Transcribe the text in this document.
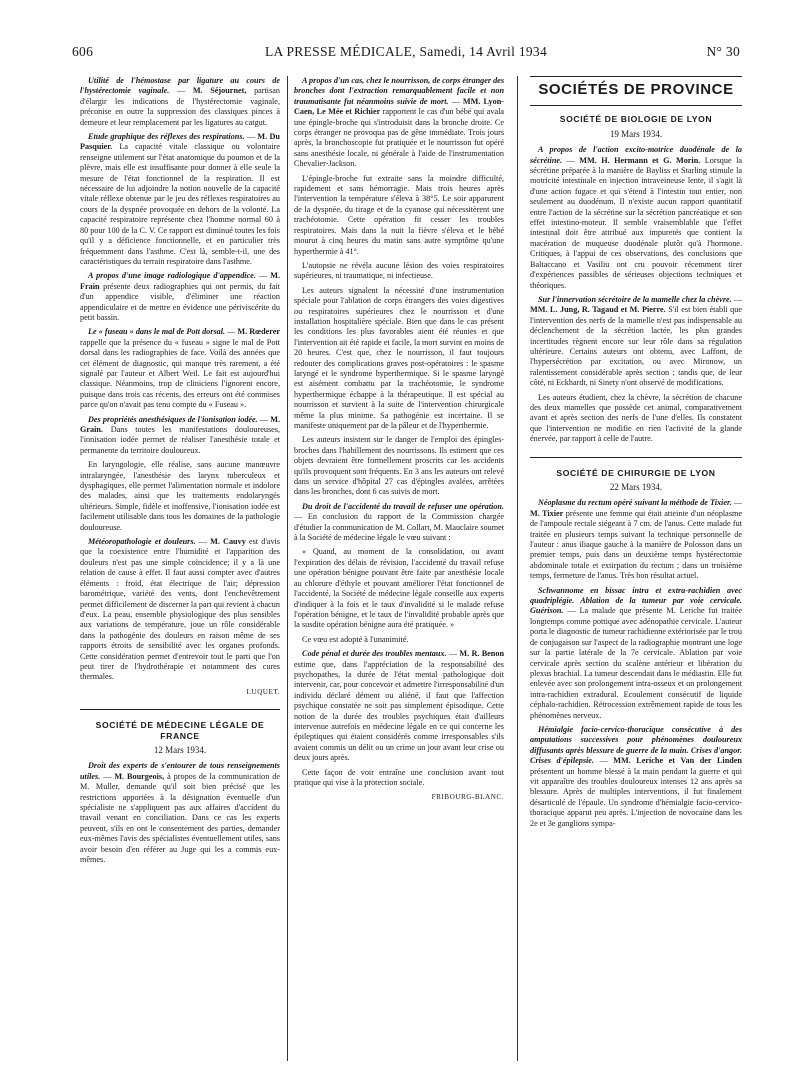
606	LA PRESSE MÉDICALE, Samedi, 14 Avril 1934	N° 30

Utilité de l'hémostase par ligature au cours de l'hystérectomie vaginale. — M. Séjournet, partisan d'élargir les indications de l'hystérectomie vaginale, préconise en outre la suppression des classiques pinces à demeure et leur remplacement par les ligatures au catgut.

Etude graphique des réflexes des respirations. — M. Du Pasquier. La capacité vitale classique ou volontaire renseigne utilement sur l'état anatomique du poumon et de la plèvre, mais elle est insuffisante pour donner à elle seule la mesure de l'état fonctionnel de la respiration. Il est nécessaire de lui adjoindre la notion nouvelle de la capacité vitale réflexe obtenue par le jeu des réflexes respiratoires au cours de la dyspnée provoquée en dehors de la volonté. La capacité respiratoire représente chez l'homme normal 60 à 80 pour 100 de la C. V. Ce rapport est diminué toutes les fois qu'il y a déficience fonctionnelle, et en particulier très fréquemment dans l'asthme. C'est là, semble-t-il, une des caractéristiques du terrain respiratoire dans l'asthme.

A propos d'une image radiologique d'appendice. — M. Frain présente deux radiographies qui ont permis, du fait d'un appendice visible, d'éliminer une réaction appendiculaire et de mettre en évidence une périviscérite du petit bassin.

Le « fuseau » dans le mal de Pott dorsal. — M. Rœderer rappelle que la présence du « fuseau » signe le mal de Pott dorsal dans les radiographies de face. Voilà des années que cet élément de diagnostic, qui manque très rarement, a été signalé par l'auteur et Albert Weil. Le fait est aujourd'hui classique. Néanmoins, trop de cliniciens l'ignorent encore, puisque dans trois cas récents, des erreurs ont été commises parce qu'on n'avait pas tenu compte du « Fuseau ».

Des propriétés anesthésiques de l'ionisation iodée. — M. Grain. Dans toutes les manifestations douloureuses, l'ionisation iodée permet de réaliser l'anesthésie totale et permanente du territoire douloureux.

En laryngologie, elle réalise, sans aucune manœuvre intralaryngée, l'anesthésie des larynx tuberculeux et dysphagiques, elle permet l'alimentation normale et indolore des malades, ainsi que les traitements endolaryngés ultérieurs. Simple, fidèle et inoffensive, l'ionisation iodée est facilement utilisable dans tous les domaines de la pathologie douloureuse.

Météoropathologie et douleurs. — M. Cauvy est d'avis que la coexistence entre l'humidité et l'apparition des douleurs n'est pas une simple coïncidence; il y a là une relation de cause à effet. Il faut aussi compter avec d'autres éléments : froid, état électrique de l'air; dépression barométrique, variété des vents, dont l'enchevêtrement permet difficilement de discerner la part qui revient à chacun d'eux. La peau, ensemble physiologique des plus sensibles aux variations de température, joue un rôle considérable dans la pathogénie des douleurs en raison même de ses rapports étroits de sensibilité avec les organes profonds. Cette considération permet d'entrevoir tout le parti que l'on peut tirer de l'hydrothérapie et notamment des cures thermales.

LUQUET.

SOCIÉTÉ DE MÉDECINE LÉGALE DE FRANCE
12 Mars 1934.

Droit des experts de s'entourer de tous renseignements utiles. — M. Bourgeois, à propos de la communication de M. Muller, demande qu'il soit bien précisé que les restrictions apportées à la désignation éventuelle d'un spécialiste ne s'appliquent pas aux affaires d'accident du travail venant en conciliation. Dans ce cas les experts peuvent, s'ils en ont le consentement des parties, demander eux-mêmes l'avis des spécialistes éventuellement utiles, sans avoir besoin d'en référer au Juge qui les a commis eux-mêmes.

A propos d'un cas, chez le nourrisson, de corps étranger des bronches dont l'extraction remarquablement facile et non traumatisante fut néanmoins suivie de mort. — MM. Lyon-Caen, Le Mée et Richier rapportent le cas d'un bébé qui avala une épingle-broche qui s'introduisit dans la bronche droite. Ce corps étranger ne provoqua pas de gêne immédiate. Trois jours après, la bronchoscopie fut pratiquée et le nourrisson fut opéré sans anesthésie locale, ni générale à l'aide de l'instrumentation Chevalier-Jackson.

L'épingle-broche fut extraite sans la moindre difficulté, rapidement et sans hémorragie. Mais trois heures après l'intervention la température s'éleva à 38°5. Le soir apparurent de la dyspnée, du tirage et de la cyanose qui nécessitèrent une trachéotomie. Cette opération fit cesser les troubles respiratoires. Mais dans la nuit la fièvre s'éleva et le bébé mourut à cinq heures du matin sans autre symptôme qu'une hyperthermie à 41°.

L'autopsie ne révéla aucune lésion des voies respiratoires supérieures, ni traumatique, ni infectieuse.

Les auteurs signalent la nécessité d'une instrumentation spéciale pour l'ablation de corps étrangers des voies digestives ou respiratoires supérieures chez le nourrisson et d'une installation hospitalière spéciale. Bien que dans le cas présent les conditions les plus favorables aient été réunies et que l'intervention ait été rapide et facile, la mort survint en moins de 20 heures. C'est que, chez le nourrisson, il faut toujours redouter des complications graves post-opératoires : le spasme laryngé et le syndrome hyperthermique. Si le spasme laryngé est aisément combattu par la trachéotomie, le syndrome hyperthermique échappe à la thérapeutique. Il est spécial au nourrisson et survient à la suite de l'intervention chirurgicale même la plus minime. Sa pathogénie est incertaine. Il se manifeste uniquement par de la pâleur et de l'hyperthermie.

Les auteurs insistent sur le danger de l'emploi des épingles-broches dans l'habillement des nourrissons. Ils estiment que ces objets devraient être formellement proscrits car les accidents qu'ils provoquent sont fréquents. En 3 ans les auteurs ont relevé dans un service d'hôpital 27 cas d'épingles avalées, arrêtées dans les bronches, dont 6 cas suivis de mort.

Du droit de l'accidenté du travail de refuser une opération. — En conclusion du rapport de la Commission chargée d'étudier la communication de M. Collart, M. Mauclaire soumet à la Société de médecine légale le vœu suivant :

« Quand, au moment de la consolidation, ou avant l'expiration des délais de révision, l'accidenté du travail refuse une opération bénigne pouvant être faite par anesthésie locale au chlorure d'éthyle et pouvant améliorer l'état fonctionnel de l'accidenté, la Société de médecine légale conseille aux experts d'indiquer à la fois et le taux d'invalidité si le malade refuse l'opération bénigne, et le taux de l'invalidité probable après que la susdite opération bénigne aura été pratiquée. »

Ce vœu est adopté à l'unanimité.

Code pénal et durée des troubles mentaux. — M. R. Benon estime que, dans l'appréciation de la responsabilité des psychopathes, la durée de l'état mental pathologique doit intervenir, car, pour concevoir et admettre l'irresponsabilité d'un individu déclaré dément ou aliéné, il faut que l'affection psychique constatée ne soit pas simplement épisodique. Cette notion de la durée des troubles psychiques était d'ailleurs intervenue autrefois en médecine légale en ce qui concerne les épileptiques qui étaient considérés comme irresponsables s'ils avaient commis un délit ou un crime un jour avant leur crise ou deux jours après.

Cette façon de voir entraîne une conclusion avant tout pratique qui vise à la protection sociale.

FRIBOURG-BLANC.

SOCIÉTÉS DE PROVINCE
SOCIÉTÉ DE BIOLOGIE DE LYON
19 Mars 1934.

A propos de l'action excito-motrice duodénale de la sécrétine. — MM. H. Hermann et G. Morin. Lorsque la sécrétine préparée à la manière de Bayliss et Starling stimule la motricité intestinale en injection intraveineuse lente, il s'agit là d'une action fugace et qui s'étend à l'intestin tout entier, non seulement au duodénum. Il n'existe aucun rapport quantitatif entre l'action de la sécrétine sur la sécrétion pancréatique et son effet intestino-moteur. Il semble vraisemblable que l'effet intestinal doit être attribué aux impuretés que contient la macération de muqueuse duodénale plutôt qu'à l'hormone. Critiques, à l'appui de ces observations, des conclusions que Baltaccano et Vasiliu ont cru pouvoir récemment tirer d'expériences passibles de sérieuses objections techniques et théoriques.

Sur l'innervation sécrétoire de la mamelle chez la chèvre. — MM. L. Jung, R. Tagaud et M. Pierre. S'il est bien établi que l'intervention des nerfs de la mamelle n'est pas indispensable au déclenchement de la sécrétion lactée, les plus grandes incertitudes règnent encore sur leur rôle dans sa régulation ultérieure. Certains auteurs ont obtenu, avec Laffont, de l'hypersécrétion par excitation, ou avec Mironow, un ralentissement considérable après section ; tandis que, de leur côté, ni Eckhardt, ni Sinety n'ont observé de modifications.

Les auteurs étudient, chez la chèvre, la sécrétion de chacune des deux mamelles que possède cet animal, comparativement avant et après section des nerfs de l'une d'elles. Ils constatent que l'intervention ne modifie en rien l'activité de la glande énervée, par rapport à celle de l'autre.

SOCIÉTÉ DE CHIRURGIE DE LYON
22 Mars 1934.

Néoplasme du rectum opéré suivant la méthode de Tixier. — M. Tixier présente une femme qui était atteinte d'un néoplasme de l'ampoule rectale siégeant à 7 cm. de l'anus. Cette malade fut traitée en plusieurs temps suivant la technique personnelle de l'auteur : anus iliaque gauche à la manière de Polosson dans un premier temps, puis dans un deuxième temps hystérectomie abdominale totale et extirpation du rectum ; dans un troisième temps, fermeture de l'anus. Très bon résultat actuel.

Schwannome en bissac intra et extra-rachidien avec quadriplégie. Ablation de la tumeur par voie cervicale. Guérison. — La malade que présente M. Leriche fut traitée longtemps comme pottique avec adénopathie cervicale. L'auteur porta le diagnostic de tumeur rachidienne extériorisée par le trou de conjugaison sur l'aspect de la radiographie montrant une loge sur la partie latérale de la 7e cervicale. Ablation par voie cervicale après section du scalène antérieur et libération du plexus brachial. La tumeur descendait dans le médiastin. Elle fut enlevée avec son prolongement intra-osseux et un prolongement intra-rachidien extradural. Ecoulement consécutif de liquide céphalo-rachidien. Rétrocession extrêmement rapide de tous les phénomènes nerveux.

Hémialgie facio-cervico-thoracique consécutive à des amputations successives pour phénomènes douloureux diffusants après blessure de guerre de la main. Crises d'angor. Crises d'épilepsie. — MM. Leriche et Van der Linden présentent un homme blessé à la main pendant la guerre et qui vit apparaître des troubles douloureux intenses 12 ans après sa blessure. Après de multiples interventions, il fut finalement désarticulé de l'épaule. Un syndrome d'hémialgie facio-cervico-thoracique apparut peu après. L'injection de novocaïne dans les 2e et 3e ganglions sympa-
